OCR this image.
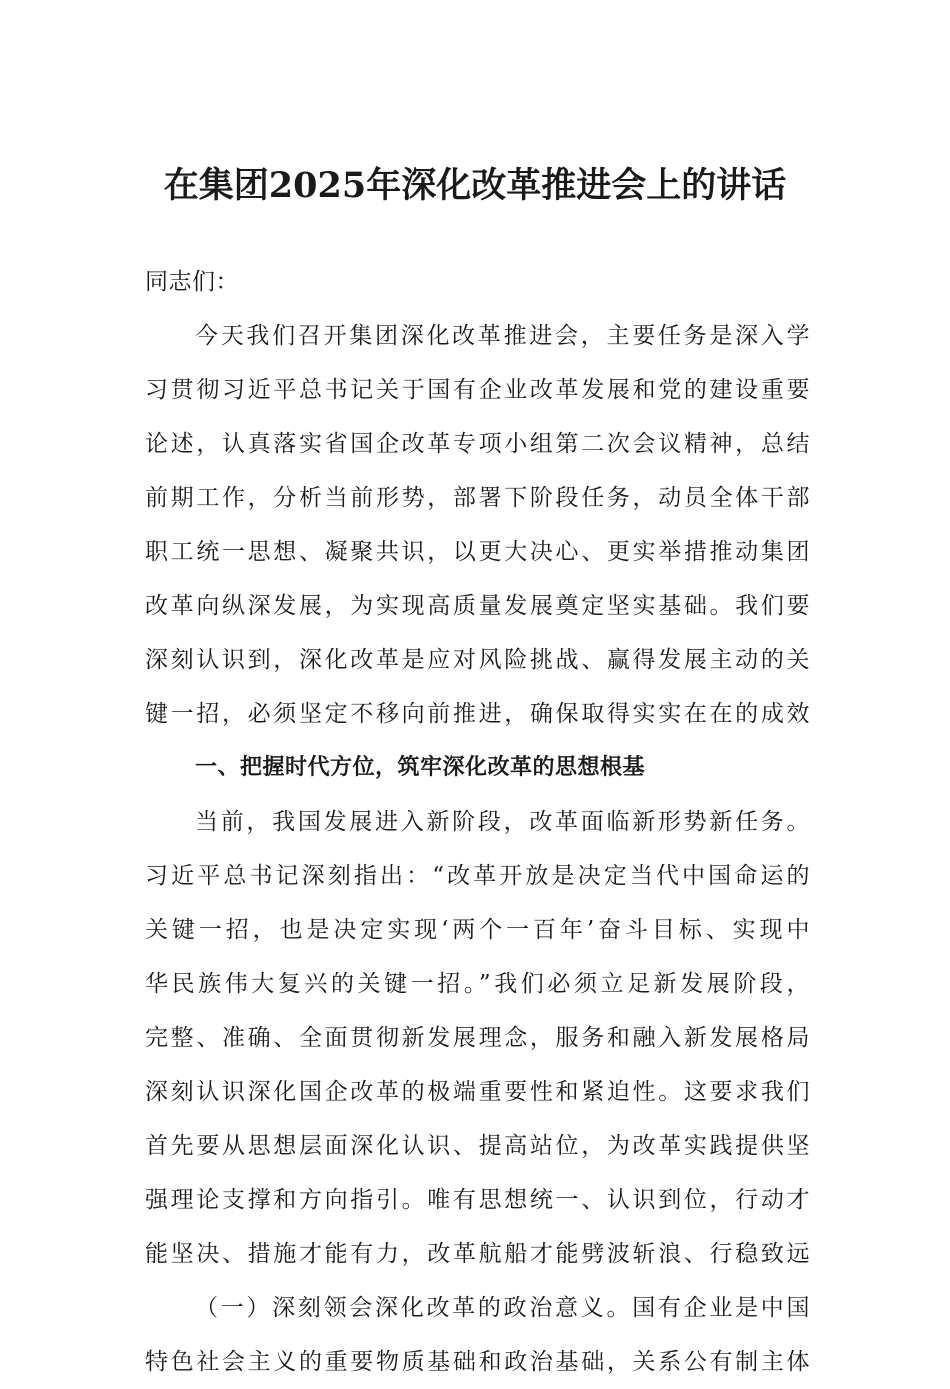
在集团2025年深化改革推进会上的讲话
同志们：
今天我们召开集团深化改革推进会，主要任务是深入学
习贯彻习近平总书记关于国有企业改革发展和党的建设重要
论述，认真落实省国企改革专项小组第二次会议精神，总结
前期工作，分析当前形势，部署下阶段任务，动员全体干部
职工统一思想、凝聚共识，以更大决心、更实举措推动集团
改革向纵深发展，为实现高质量发展奠定坚实基础。我们要
深刻认识到，深化改革是应对风险挑战、赢得发展主动的关
键一招，必须坚定不移向前推进，确保取得实实在在的成效
一、把握时代方位，筑牢深化改革的思想根基
当前，我国发展进入新阶段，改革面临新形势新任务。
习近平总书记深刻指出：“改革开放是决定当代中国命运的
关键一招，也是决定实现‘两个一百年’奋斗目标、实现中
华民族伟大复兴的关键一招。”我们必须立足新发展阶段，
完整、准确、全面贯彻新发展理念，服务和融入新发展格局
深刻认识深化国企改革的极端重要性和紧迫性。这要求我们
首先要从思想层面深化认识、提高站位，为改革实践提供坚
强理论支撑和方向指引。唯有思想统一、认识到位，行动才
能坚决、措施才能有力，改革航船才能劈波斩浪、行稳致远
（一）深刻领会深化改革的政治意义。国有企业是中国
特色社会主义的重要物质基础和政治基础，关系公有制主体
